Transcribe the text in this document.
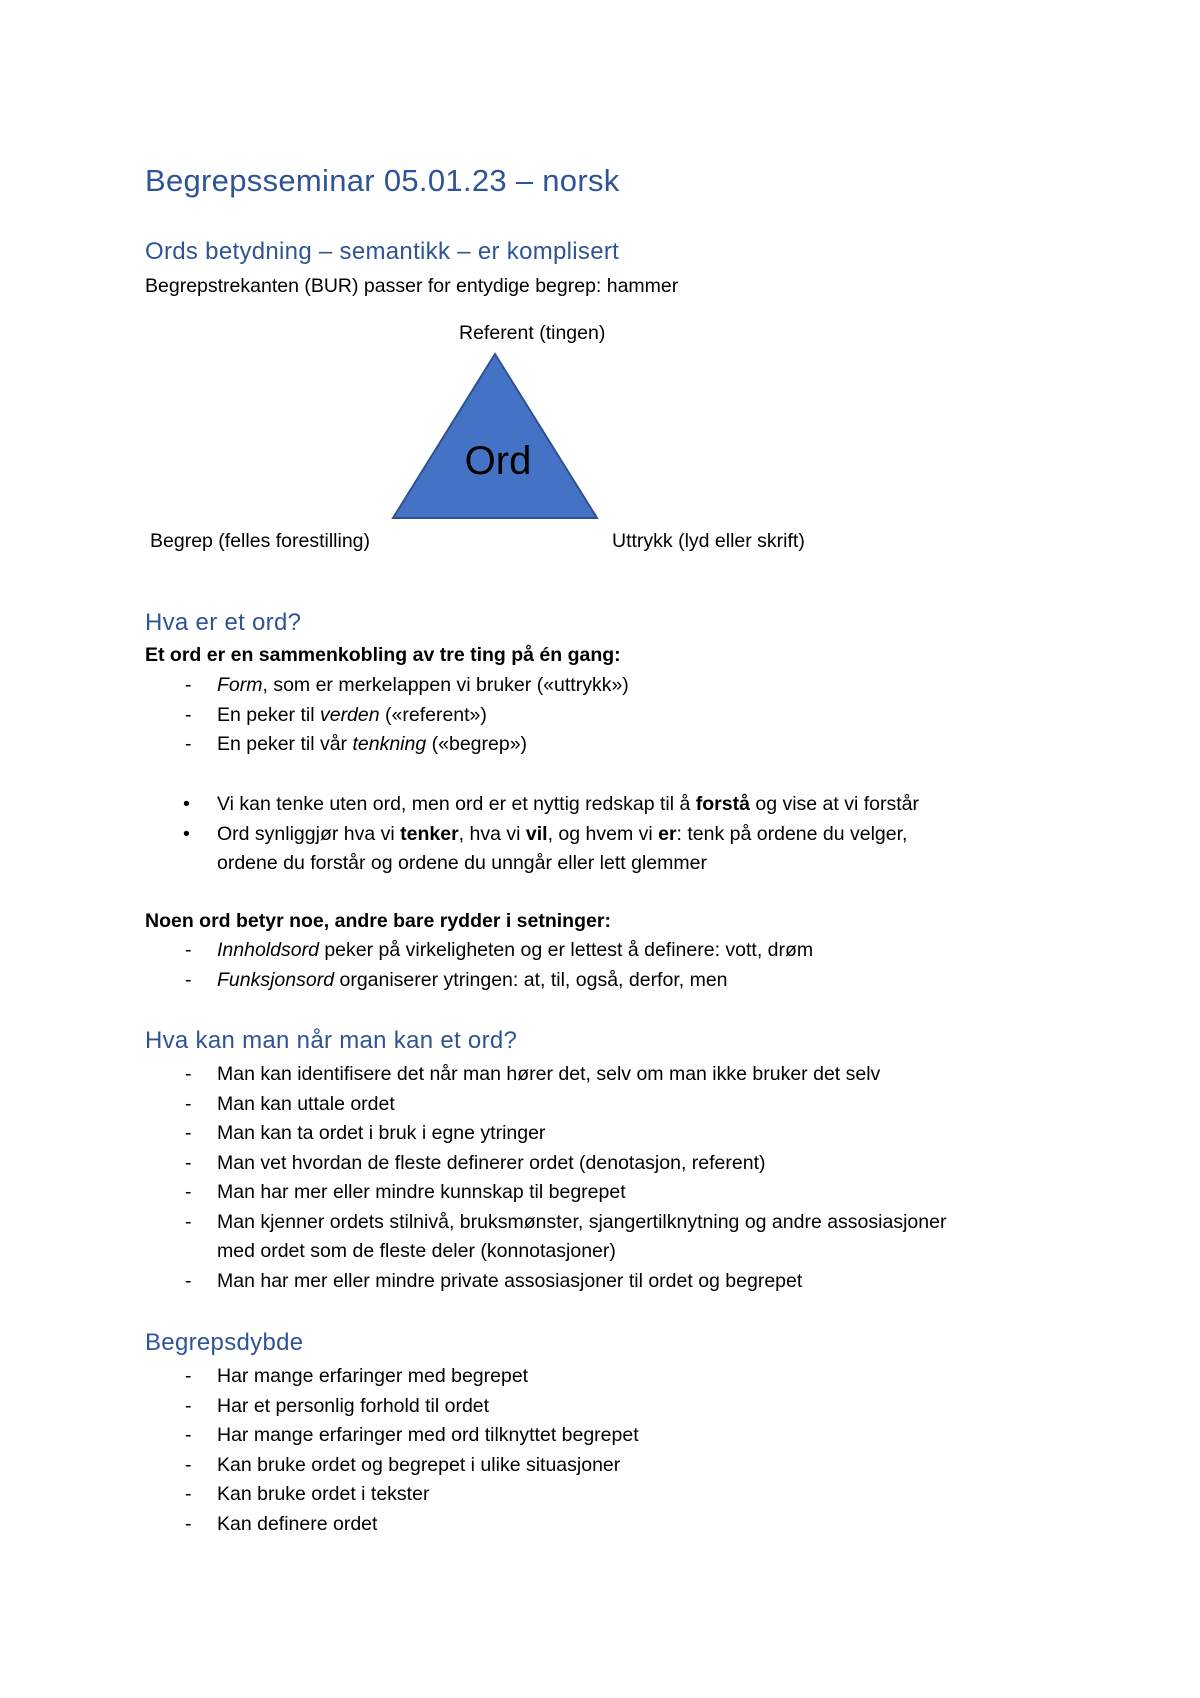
Begrepsseminar 05.01.23 – norsk
Ords betydning – semantikk – er komplisert
Begrepstrekanten (BUR) passer for entydige begrep: hammer
Referent (tingen)
Ord
Begrep (felles forestilling)	Uttrykk (lyd eller skrift)
Hva er et ord?
Et ord er en sammenkobling av tre ting på én gang:
- Form, som er merkelappen vi bruker («uttrykk»)
- En peker til verden («referent»)
- En peker til vår tenkning («begrep»)
• Vi kan tenke uten ord, men ord er et nyttig redskap til å forstå og vise at vi forstår
• Ord synliggjør hva vi tenker, hva vi vil, og hvem vi er: tenk på ordene du velger,
ordene du forstår og ordene du unngår eller lett glemmer
Noen ord betyr noe, andre bare rydder i setninger:
- Innholdsord peker på virkeligheten og er lettest å definere: vott, drøm
- Funksjonsord organiserer ytringen: at, til, også, derfor, men
Hva kan man når man kan et ord?
- Man kan identifisere det når man hører det, selv om man ikke bruker det selv
- Man kan uttale ordet
- Man kan ta ordet i bruk i egne ytringer
- Man vet hvordan de fleste definerer ordet (denotasjon, referent)
- Man har mer eller mindre kunnskap til begrepet
- Man kjenner ordets stilnivå, bruksmønster, sjangertilknytning og andre assosiasjoner
med ordet som de fleste deler (konnotasjoner)
- Man har mer eller mindre private assosiasjoner til ordet og begrepet
Begrepsdybde
- Har mange erfaringer med begrepet
- Har et personlig forhold til ordet
- Har mange erfaringer med ord tilknyttet begrepet
- Kan bruke ordet og begrepet i ulike situasjoner
- Kan bruke ordet i tekster
- Kan definere ordet
